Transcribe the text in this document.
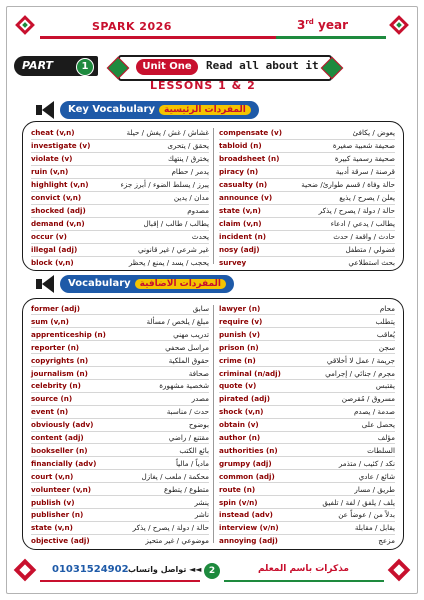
SPARK 2026	3rd year
PART	1	Unit One	Read all about it
LESSONS 1 & 2
Key Vocabulary المفردات الرئيسية
cheat (v,n)	غشاش / غش / يغش / حيلة
investigate (v)	يحقق / يتحرى
violate (v)	يخترق / ينتهك
ruin (v,n)	يدمر / حطام
highlight (v,n)	يبرز / يسلط الضوء / أبرز جزء
convict (v,n)	مدان / يدين
shocked (adj)	مصدوم
demand (v,n)	يطالب / طالب / إقبال
occur (v)	يحدث
illegal (adj)	غير شرعي / غير قانوني
block (v,n)	يحجب / يسد / يمنع / يحظر
compensate (v)	يعوض / يكافئ
tabloid (n)	صحيفة شعبية صغيرة
broadsheet (n)	صحيفة رسمية كبيرة
piracy (n)	قرصنة / سرقة أدبية
casualty (n)	حالة وفاة / قسم طوارئ/ ضحية
announce (v)	يعلن / يصرح / يذيع
state (v,n)	حالة / دولة / يصرح / يذكر
claim (v,n)	يطالب / يدعي / ادعاء
incident (n)	حادث / واقعة / حدث
nosy (adj)	فضولي / متطفل
survey	بحث استطلاعي
Vocabulary المفردات الاضافية
former (adj)	سابق
sum (v,n)	مبلغ / يلخص / مسألة
apprenticeship (n)	تدريب مهني
reporter (n)	مراسل صحفي
copyrights (n)	حقوق الملكية
journalism (n)	صحافة
celebrity (n)	شخصية مشهورة
source (n)	مصدر
event (n)	حدث / مناسبة
obviously (adv)	بوضوح
content (adj)	مقتنع / راضي
bookseller (n)	بائع الكتب
financially (adv)	مادياً / مالياً
court (v,n)	محكمة / ملعب / يغازل
volunteer (v,n)	متطوع / يتطوع
publish (v)	ينشر
publisher (n)	ناشر
state (v,n)	حالة / دولة / يصرح / يذكر
objective (adj)	موضوعي / غير متحيز
lawyer (n)	محام
require (v)	يتطلب
punish (v)	يُعاقب
prison (n)	سجن
crime (n)	جريمة / عمل لا أخلاقي
criminal (n/adj)	مجرم / جنائي / إجرامي
quote (v)	يقتبس
pirated (adj)	مسروق / مُقرصن
shock (v,n)	صدمة / يصدم
obtain (v)	يحصل على
author (n)	مؤلف
authorities (n)	السلطات
grumpy (adj)	نكد / كئيب / متذمر
common (adj)	شائع / عادي
route (n)	طريق / مسار
spin (v/n)	يلف / يلفق / لفة / تلفيق
instead (adv)	بدلاً من / عوضاً عن
interview (v/n)	يقابل / مقابلة
annoying (adj)	مزعج
01031524902 تواصل واتساب ◄◄ 2	مذكرات باسم المعلم
